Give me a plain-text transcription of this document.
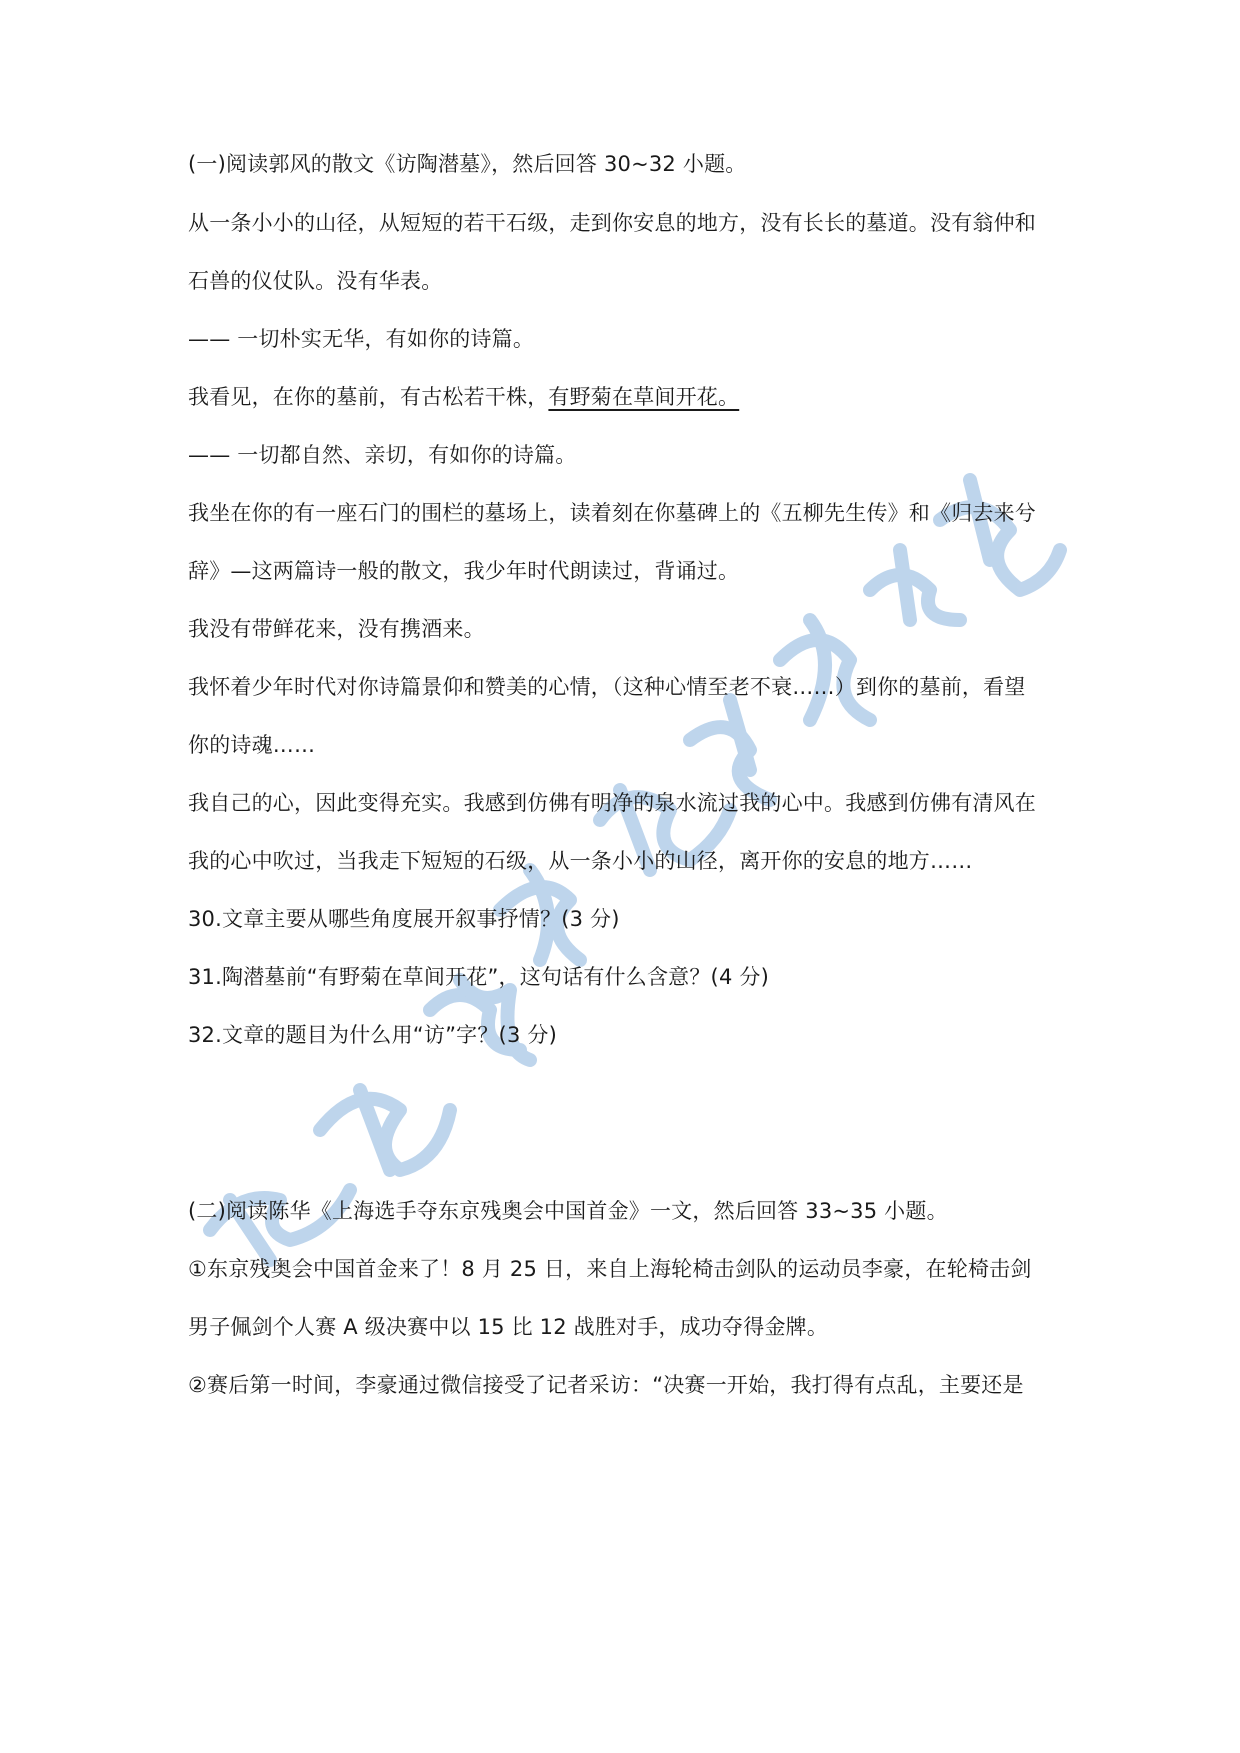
(一)阅读郭风的散文《访陶潜墓》，然后回答 30~32 小题。
从一条小小的山径，从短短的若干石级，走到你安息的地方，没有长长的墓道。没有翁仲和
石兽的仪仗队。没有华表。
—— 一切朴实无华，有如你的诗篇。
我看见，在你的墓前，有古松若干株，有野菊在草间开花。
—— 一切都自然、亲切，有如你的诗篇。
我坐在你的有一座石门的围栏的墓场上，读着刻在你墓碑上的《五柳先生传》和《归去来兮
辞》—这两篇诗一般的散文，我少年时代朗读过，背诵过。
我没有带鲜花来，没有携酒来。
我怀着少年时代对你诗篇景仰和赞美的心情，（这种心情至老不衰……）到你的墓前，看望
你的诗魂……
我自己的心，因此变得充实。我感到仿佛有明净的泉水流过我的心中。我感到仿佛有清风在
我的心中吹过，当我走下短短的石级，从一条小小的山径，离开你的安息的地方……
30.文章主要从哪些角度展开叙事抒情？(3 分)
31.陶潜墓前“有野菊在草间开花”，这句话有什么含意？(4 分)
32.文章的题目为什么用“访”字？(3 分)
(二)阅读陈华《上海选手夺东京残奥会中国首金》一文，然后回答 33~35 小题。
①东京残奥会中国首金来了！8 月 25 日，来自上海轮椅击剑队的运动员李豪，在轮椅击剑
男子佩剑个人赛 A 级决赛中以 15 比 12 战胜对手，成功夺得金牌。
②赛后第一时间，李豪通过微信接受了记者采访：“决赛一开始，我打得有点乱，主要还是
